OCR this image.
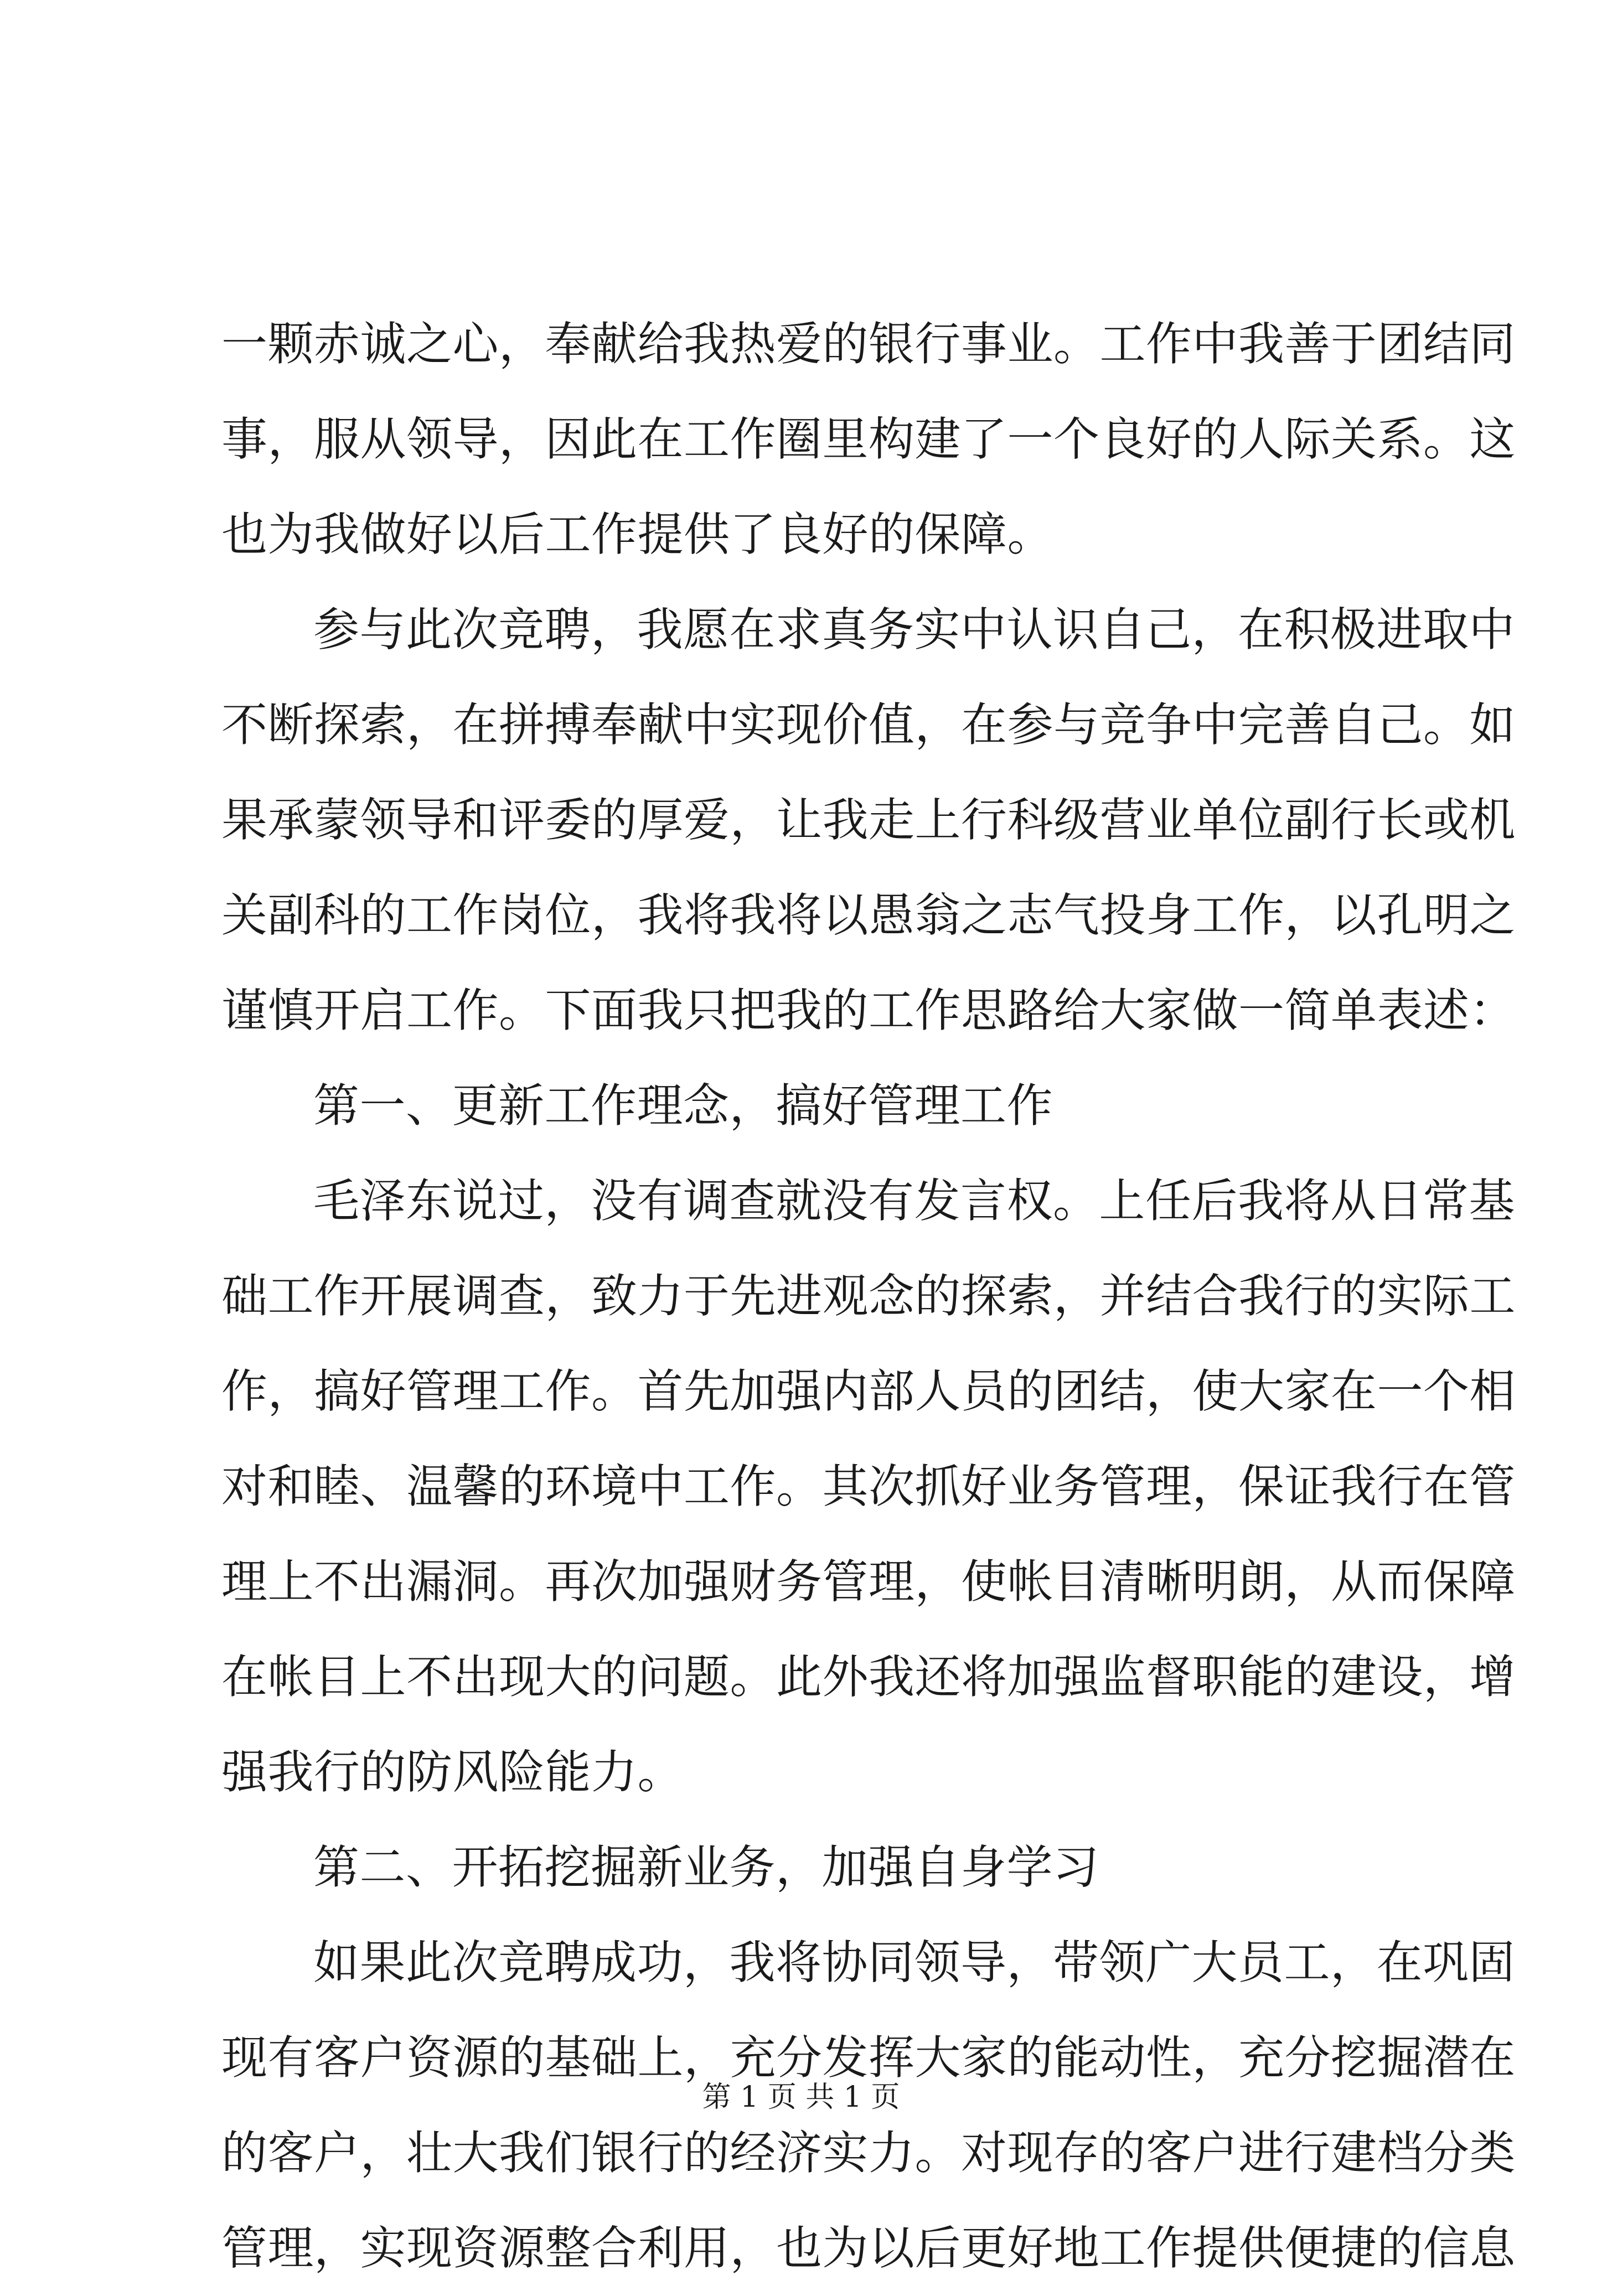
一颗赤诚之心，奉献给我热爱的银行事业。工作中我善于团结同
事，服从领导，因此在工作圈里构建了一个良好的人际关系。这
也为我做好以后工作提供了良好的保障。
参与此次竞聘，我愿在求真务实中认识自己，在积极进取中
不断探索，在拼搏奉献中实现价值，在参与竞争中完善自己。如
果承蒙领导和评委的厚爱，让我走上行科级营业单位副行长或机
关副科的工作岗位，我将我将以愚翁之志气投身工作，以孔明之
谨慎开启工作。下面我只把我的工作思路给大家做一简单表述：
第一、更新工作理念，搞好管理工作
毛泽东说过，没有调查就没有发言权。上任后我将从日常基
础工作开展调查，致力于先进观念的探索，并结合我行的实际工
作，搞好管理工作。首先加强内部人员的团结，使大家在一个相
对和睦、温馨的环境中工作。其次抓好业务管理，保证我行在管
理上不出漏洞。再次加强财务管理，使帐目清晰明朗，从而保障
在帐目上不出现大的问题。此外我还将加强监督职能的建设，增
强我行的防风险能力。
第二、开拓挖掘新业务，加强自身学习
如果此次竞聘成功，我将协同领导，带领广大员工，在巩固
现有客户资源的基础上，充分发挥大家的能动性，充分挖掘潜在
的客户，壮大我们银行的经济实力。对现存的客户进行建档分类
管理，实现资源整合利用，也为以后更好地工作提供便捷的信息
第 1 页 共 1 页
